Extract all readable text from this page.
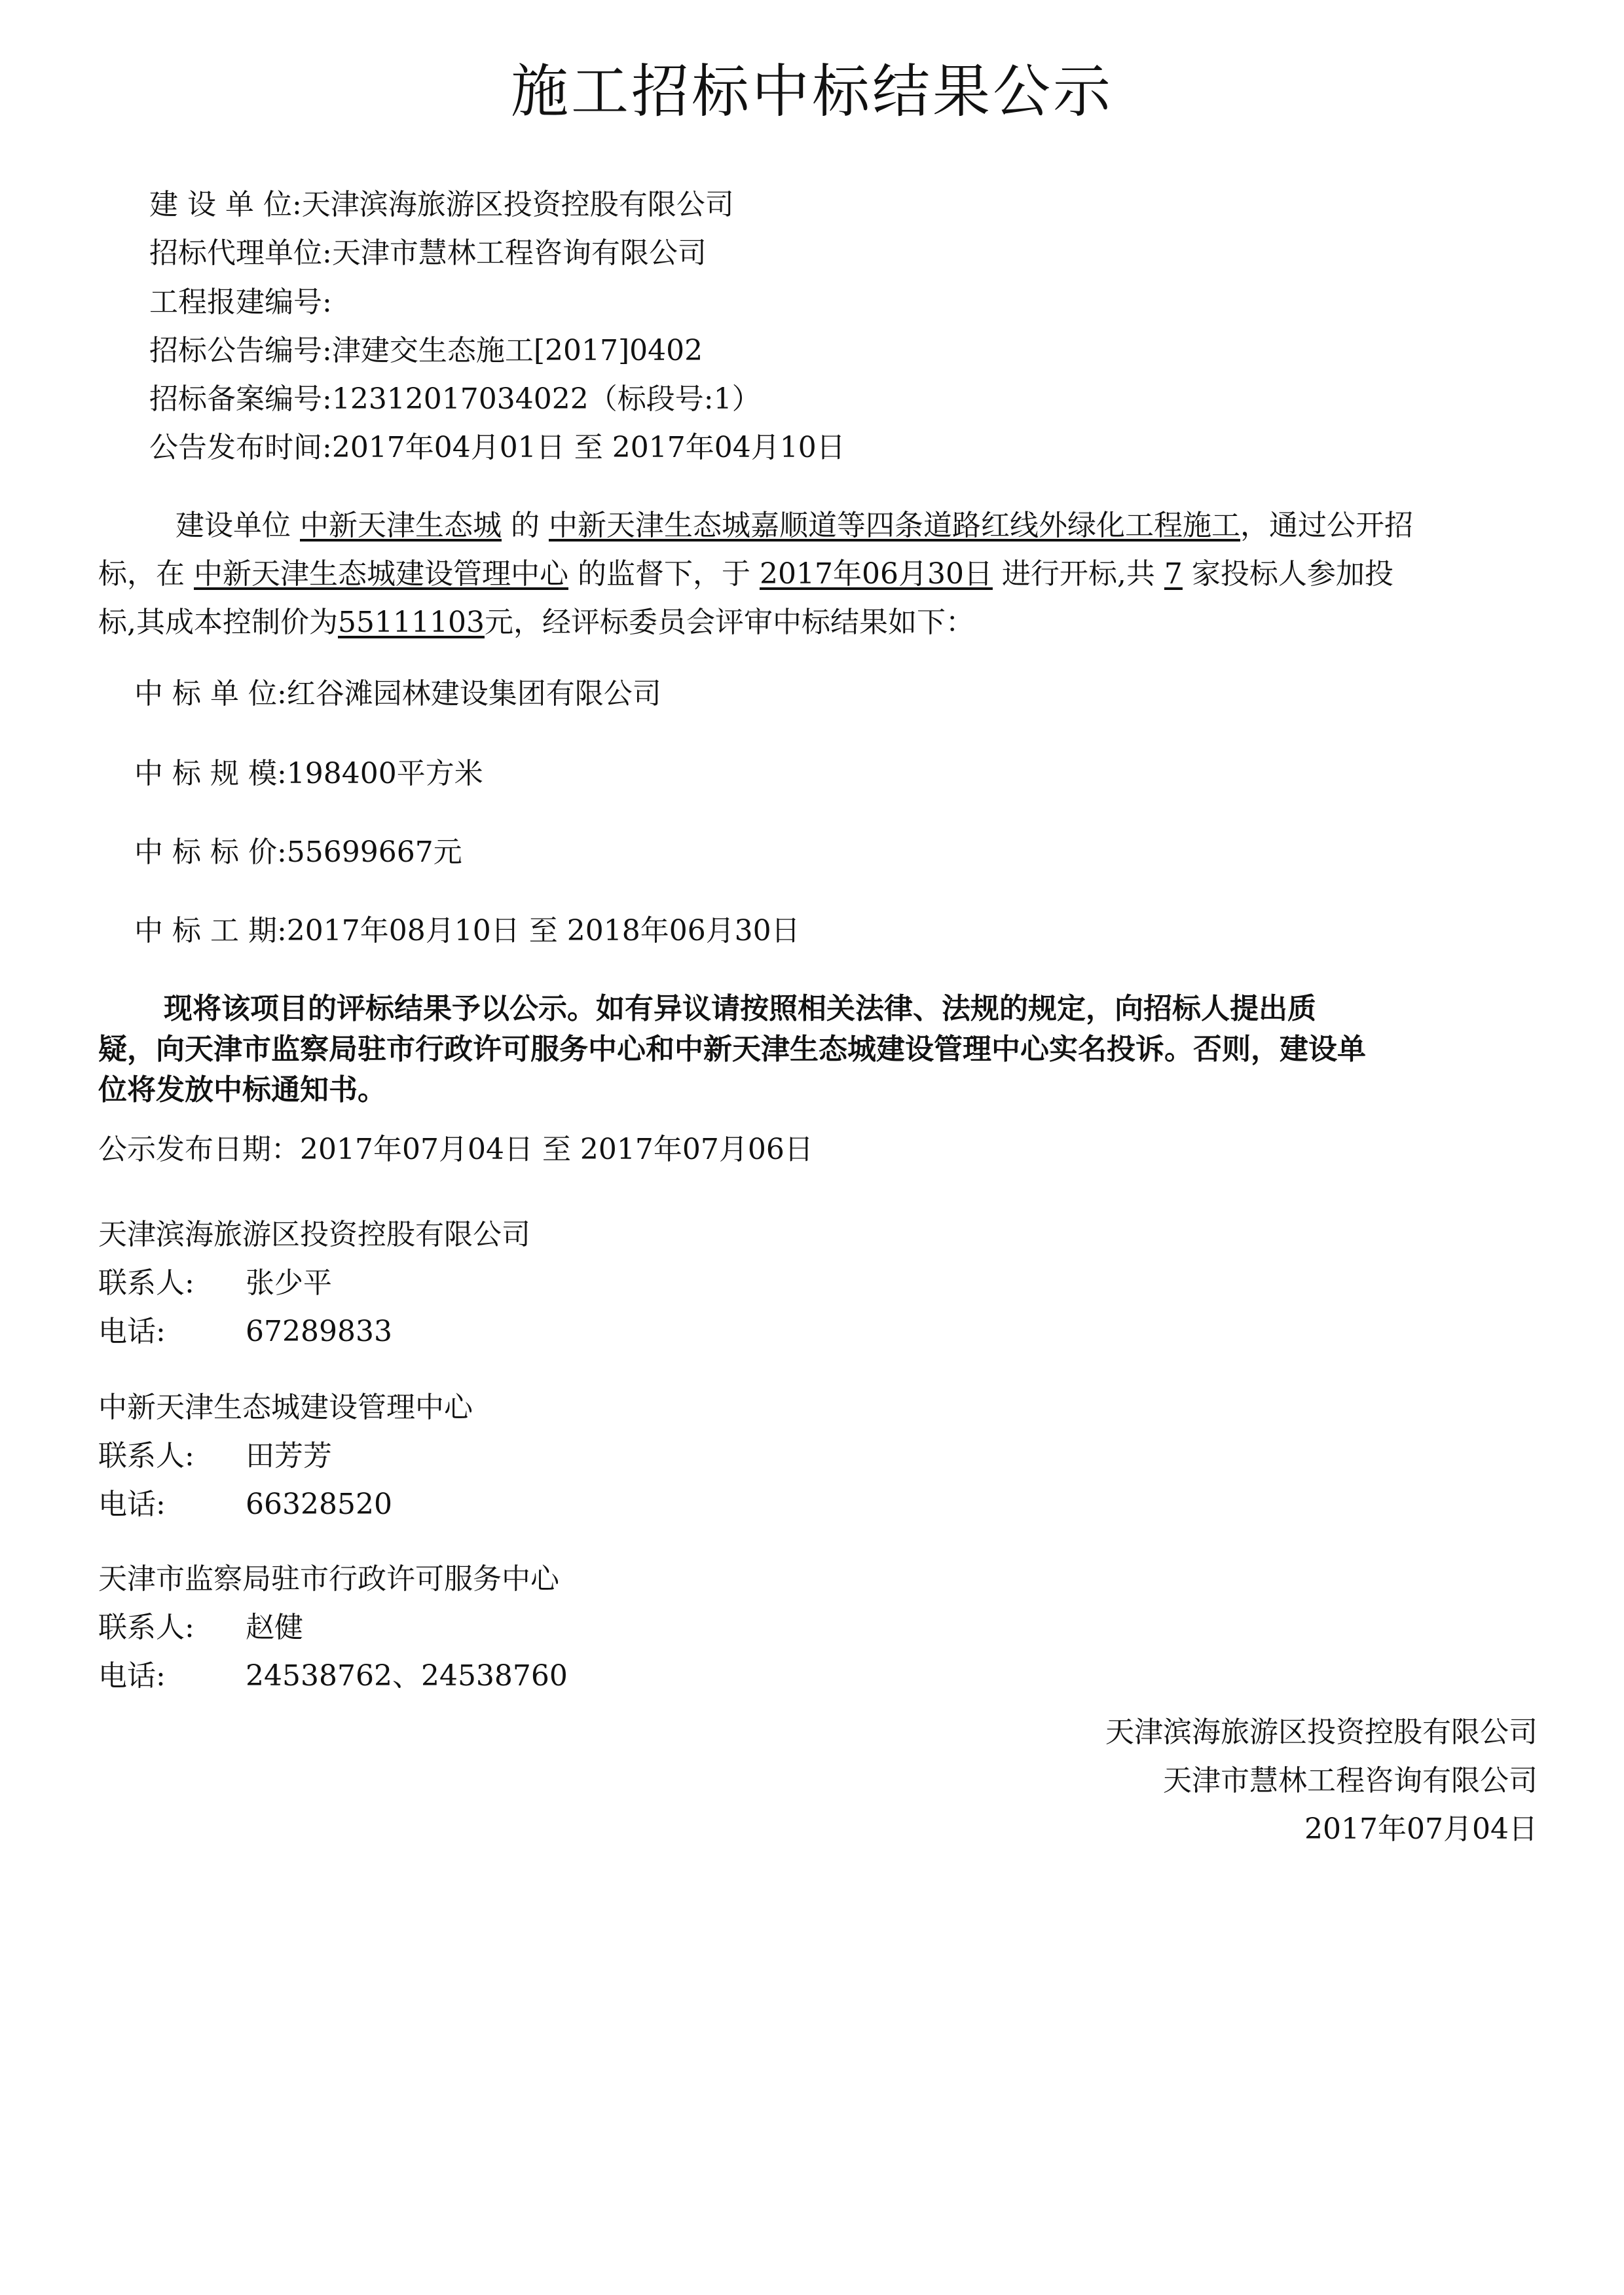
施工招标中标结果公示
建 设 单 位:天津滨海旅游区投资控股有限公司
招标代理单位:天津市慧林工程咨询有限公司
工程报建编号:
招标公告编号:津建交生态施工[2017]0402
招标备案编号:12312017034022（标段号:1）
公告发布时间:2017年04月01日 至 2017年04月10日
建设单位 中新天津生态城 的 中新天津生态城嘉顺道等四条道路红线外绿化工程施工，通过公开招
标，在 中新天津生态城建设管理中心 的监督下，于 2017年06月30日 进行开标,共 7 家投标人参加投
标,其成本控制价为55111103元，经评标委员会评审中标结果如下：
中 标 单 位:红谷滩园林建设集团有限公司
中 标 规 模:198400平方米
中 标 标 价:55699667元
中 标 工 期:2017年08月10日 至 2018年06月30日
现将该项目的评标结果予以公示。如有异议请按照相关法律、法规的规定，向招标人提出质
疑，向天津市监察局驻市行政许可服务中心和中新天津生态城建设管理中心实名投诉。否则，建设单
位将发放中标通知书。
公示发布日期：2017年07月04日 至 2017年07月06日
天津滨海旅游区投资控股有限公司
联系人: 张少平
电话:	67289833
中新天津生态城建设管理中心
联系人: 田芳芳
电话:	66328520
天津市监察局驻市行政许可服务中心
联系人: 赵健
电话:	24538762、24538760
天津滨海旅游区投资控股有限公司
天津市慧林工程咨询有限公司
2017年07月04日
